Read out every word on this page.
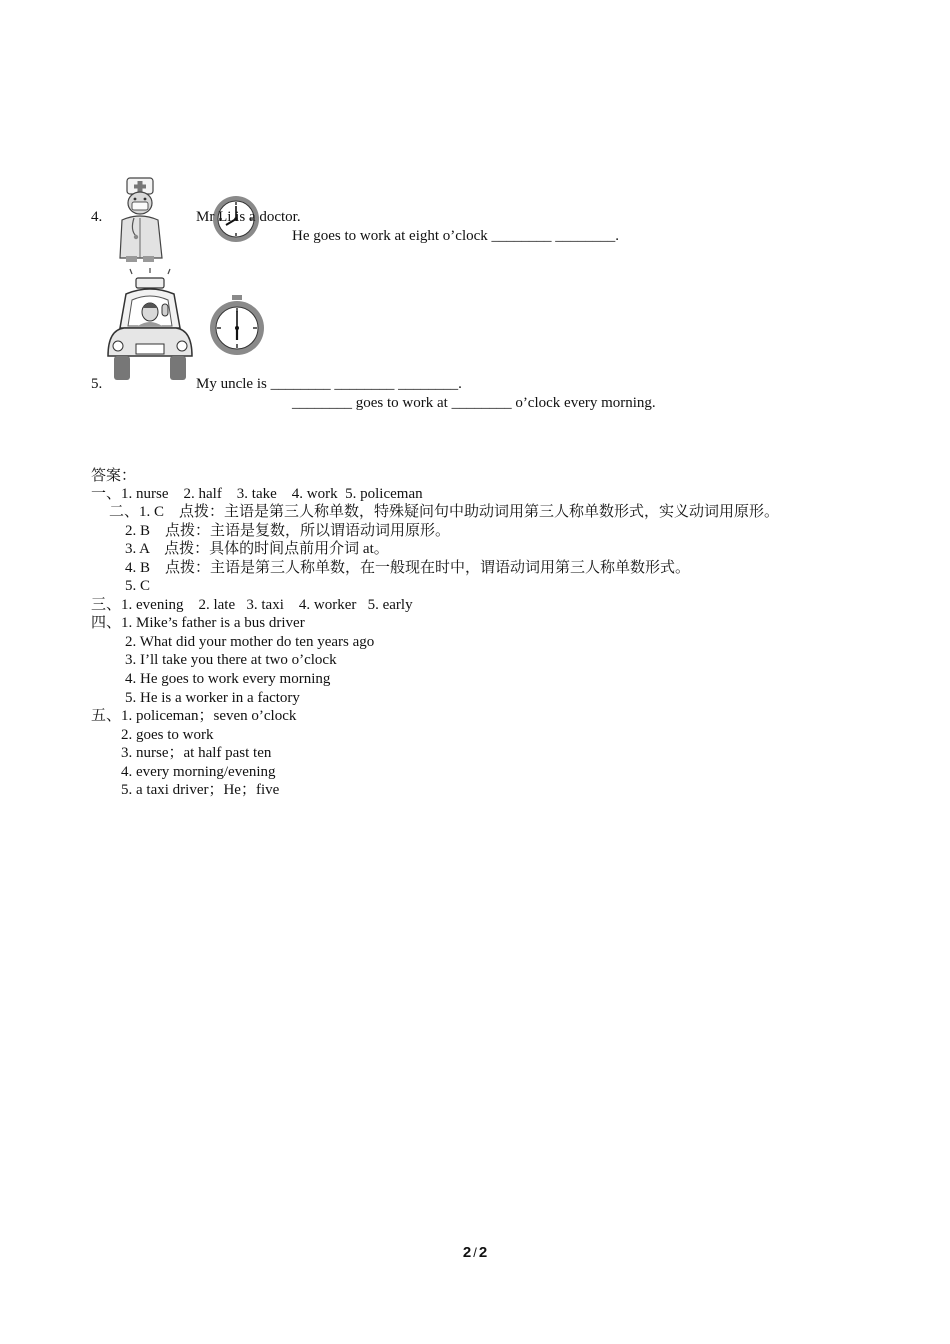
4.	Mr Li is a doctor.
He goes to work at eight o’clock ________ ________.
5.	My uncle is ________ ________ ________.
________ goes to work at ________ o’clock every morning.
答案：
一、1. nurse    2. half    3. take    4. work  5. policeman
二、1. C    点拨：主语是第三人称单数，特殊疑问句中助动词用第三人称单数形式，实义动词用原形。
2. B    点拨：主语是复数，所以谓语动词用原形。
3. A    点拨：具体的时间点前用介词 at。
4. B    点拨：主语是第三人称单数，在一般现在时中，谓语动词用第三人称单数形式。
5. C
三、1. evening    2. late   3. taxi    4. worker   5. early
四、1. Mike’s father is a bus driver
2. What did your mother do ten years ago
3. I’ll take you there at two o’clock
4. He goes to work every morning
5. He is a worker in a factory
五、1. policeman；seven o’clock
2. goes to work
3. nurse；at half past ten
4. every morning/evening
5. a taxi driver；He；five
2 / 2
